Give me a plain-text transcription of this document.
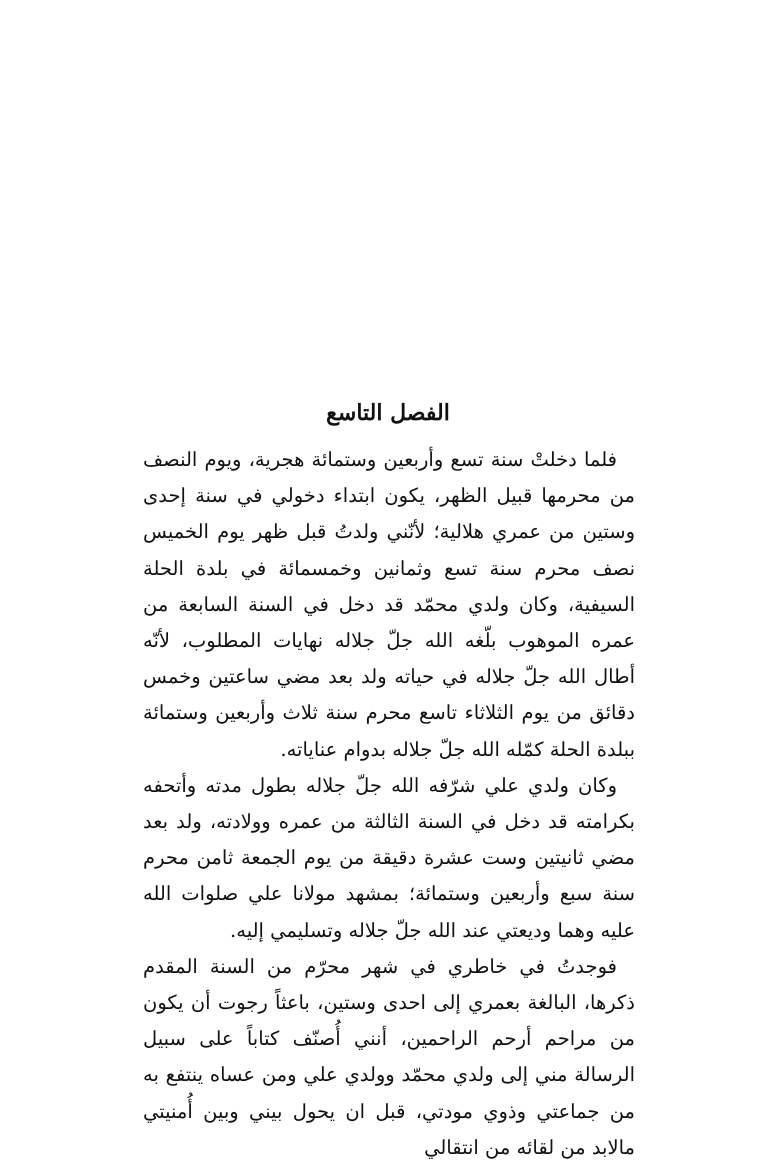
الفصل التاسع

فلما دخلتْ سنة تسع وأربعين وستمائة هجرية، ويوم النصف من محرمها قبيل الظهر، يكون ابتداء دخولي في سنة إحدى وستين من عمري هلالية؛ لأنّني ولدتُ قبل ظهر يوم الخميس نصف محرم سنة تسع وثمانين وخمسمائة في بلدة الحلة السيفية، وكان ولدي محمّد قد دخل في السنة السابعة من عمره الموهوب بلّغه الله جلّ جلاله نهايات المطلوب، لأنّه أطال الله جلّ جلاله في حياته ولد بعد مضي ساعتين وخمس دقائق من يوم الثلاثاء تاسع محرم سنة ثلاث وأربعين وستمائة ببلدة الحلة كمّله الله جلّ جلاله بدوام عناياته.

وكان ولدي علي شرّفه الله جلّ جلاله بطول مدته وأتحفه بكرامته قد دخل في السنة الثالثة من عمره وولادته، ولد بعد مضي ثانيتين وست عشرة دقيقة من يوم الجمعة ثامن محرم سنة سبع وأربعين وستمائة؛ بمشهد مولانا علي صلوات الله عليه وهما وديعتي عند الله جلّ جلاله وتسليمي إليه.

فوجدتُ في خاطري في شهر محرّم من السنة المقدم ذكرها، البالغة بعمري إلى احدى وستين، باعثاً رجوت أن يكون من مراحم أرحم الراحمين، أنني أُصنّف كتاباً على سبيل الرسالة مني إلى ولدي محمّد وولدي علي ومن عساه ينتفع به من جماعتي وذوي مودتي، قبل ان يحول بيني وبين أُمنيتي مالابد من لقائه من انتقالي
